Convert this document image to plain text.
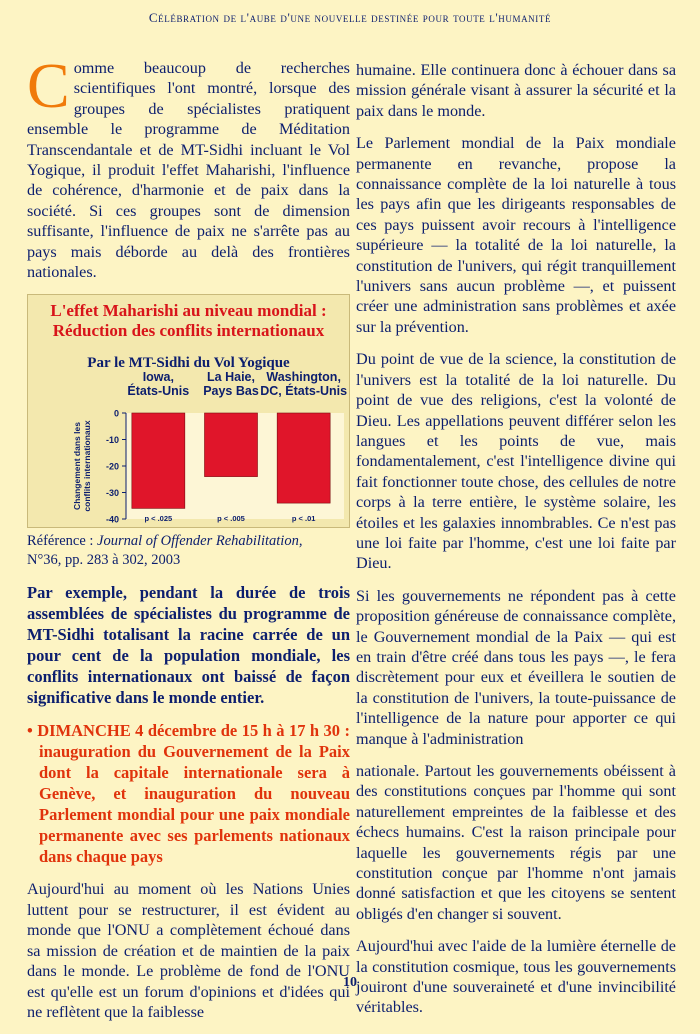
Célébration de l'aube d'une nouvelle destinée pour toute l'humanité

Comme beaucoup de recherches scientifiques l'ont montré, lorsque des groupes de spécialistes pratiquent ensemble le programme de Méditation Transcendantale et de MT-Sidhi incluant le Vol Yogique, il produit l'effet Maharishi, l'influence de cohérence, d'harmonie et de paix dans la société. Si ces groupes sont de dimension suffisante, l'influence de paix ne s'arrête pas au pays mais déborde au delà des frontières nationales.

L'effet Maharishi au niveau mondial :
Réduction des conflits internationaux
Par le MT-Sidhi du Vol Yogique
0
-10
-20
-30
-40
Changement dans les conflits internationaux
Iowa,
États-Unis
p < .025
La Haie,
Pays Bas
p < .005
Washington,
DC, États-Unis
p < .01

Référence : Journal of Offender Rehabilitation,
N°36, pp. 283 à 302, 2003

Par exemple, pendant la durée de trois assemblées de spécialistes du programme de MT-Sidhi totalisant la racine carrée de un pour cent de la population mondiale, les conflits internationaux ont baissé de façon significative dans le monde entier.

• DIMANCHE 4 décembre de 15 h à 17 h 30 : inauguration du Gouvernement de la Paix dont la capitale internationale sera à Genève, et inauguration du nouveau Parlement mondial pour une paix mondiale permanente avec ses parlements nationaux dans chaque pays

Aujourd'hui au moment où les Nations Unies luttent pour se restructurer, il est évident au monde que l'ONU a complètement échoué dans sa mission de création et de maintien de la paix dans le monde. Le problème de fond de l'ONU est qu'elle est un forum d'opinions et d'idées qui ne reflètent que la faiblesse

humaine. Elle continuera donc à échouer dans sa mission générale visant à assurer la sécurité et la paix dans le monde.

Le Parlement mondial de la Paix mondiale permanente en revanche, propose la connaissance complète de la loi naturelle à tous les pays afin que les dirigeants responsables de ces pays puissent avoir recours à l'intelligence supérieure — la totalité de la loi naturelle, la constitution de l'univers, qui régit tranquillement l'univers sans aucun problème —, et puissent créer une administration sans problèmes et axée sur la prévention.

Du point de vue de la science, la constitution de l'univers est la totalité de la loi naturelle. Du point de vue des religions, c'est la volonté de Dieu. Les appellations peuvent différer selon les langues et les points de vue, mais fondamentalement, c'est l'intelligence divine qui fait fonctionner toute chose, des cellules de notre corps à la terre entière, le système solaire, les étoiles et les galaxies innombrables. Ce n'est pas une loi faite par l'homme, c'est une loi faite par Dieu.

Si les gouvernements ne répondent pas à cette proposition généreuse de connaissance complète, le Gouvernement mondial de la Paix — qui est en train d'être créé dans tous les pays —, le fera discrètement pour eux et éveillera le soutien de la constitution de l'univers, la toute-puissance de l'intelligence de la nature pour apporter ce qui manque à l'administration

nationale. Partout les gouvernements obéissent à des constitutions conçues par l'homme qui sont naturellement empreintes de la faiblesse et des échecs humains. C'est la raison principale pour laquelle les gouvernements régis par une constitution conçue par l'homme n'ont jamais donné satisfaction et que les citoyens se sentent obligés d'en changer si souvent.

Aujourd'hui avec l'aide de la lumière éternelle de la constitution cosmique, tous les gouvernements jouiront d'une souveraineté et d'une invincibilité véritables.

10
